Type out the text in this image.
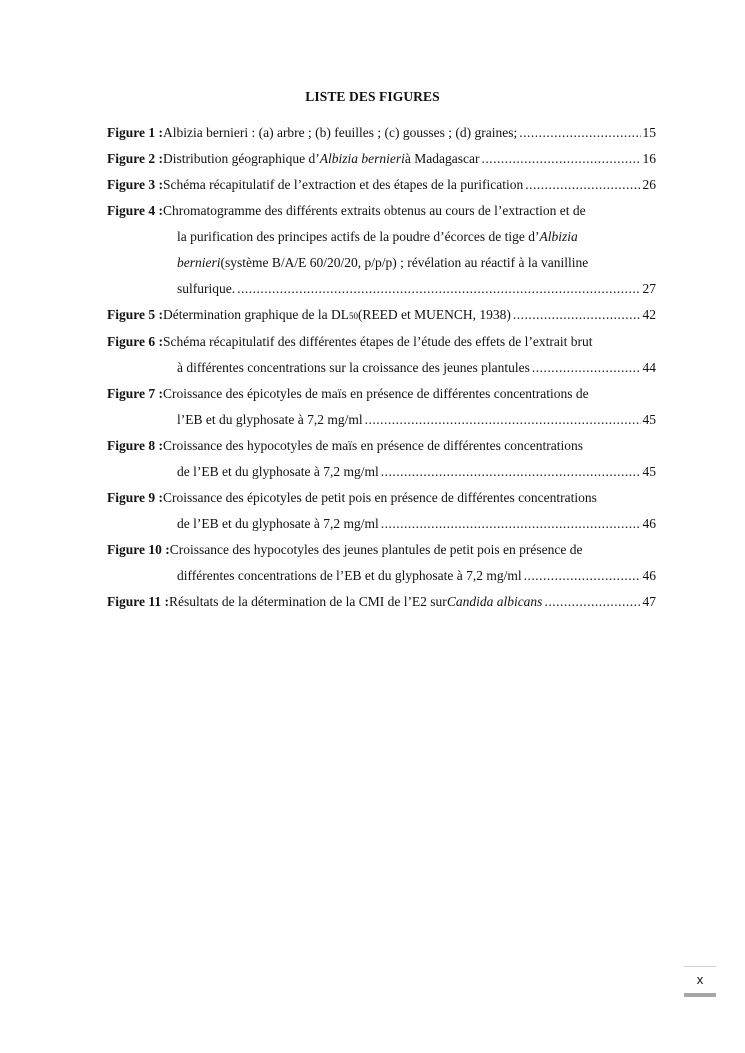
LISTE DES FIGURES
Figure 1 : Albizia bernieri : (a) arbre ; (b) feuilles ; (c) gousses ; (d) graines; .....	15
Figure 2 : Distribution géographique d’ Albizia bernieri à Madagascar .....	16
Figure 3 : Schéma récapitulatif de l’extraction et des étapes de la purification .....	26
Figure 4 : Chromatogramme des différents extraits obtenus au cours de l’extraction et de
la purification des principes actifs de la poudre d’écorces de tige d’ Albizia
bernieri (système B/A/E 60/20/20, p/p/p) ; révélation au réactif à la vanilline
sulfurique. .....	27
Figure 5 : Détermination graphique de la DL 50 (REED et MUENCH, 1938) .....	42
Figure 6 : Schéma récapitulatif des différentes étapes de l’étude des effets de l’extrait brut
à différentes concentrations sur la croissance des jeunes plantules .....	44
Figure 7 : Croissance des épicotyles de maïs en présence de différentes concentrations de
l’EB et du glyphosate à 7,2 mg/ml .....	45
Figure 8 : Croissance des hypocotyles de maïs en présence de différentes concentrations
de l’EB et du glyphosate à 7,2 mg/ml .....	45
Figure 9 : Croissance des épicotyles de petit pois en présence de différentes concentrations
de l’EB et du glyphosate à 7,2 mg/ml .....	46
Figure 10 : Croissance des hypocotyles des jeunes plantules de petit pois en présence de
différentes concentrations de l’EB et du glyphosate à 7,2 mg/ml .....	46
Figure 11 : Résultats de la détermination de la CMI de l’E2 sur Candida albicans .....	47
x
